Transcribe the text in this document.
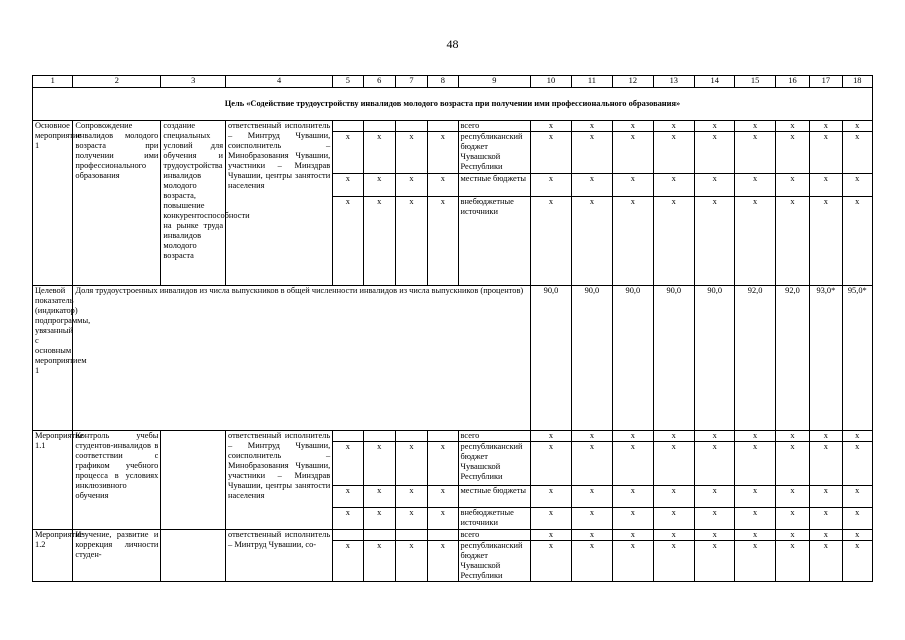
48
1	2	3	4	5	6	7	8	9	10	11	12	13	14	15	16	17	18
Цель «Содействие трудоустройству инвалидов молодого возраста при получении ими профессионального образования»																	
Основное мероприятие 1	Сопровождение инвалидов молодого возраста при получении ими профессионального образования	создание специальных условий для обучения и трудоустройства инвалидов молодого возраста, повышение конкурентоспособности на рынке труда инвалидов молодого возраста	ответственный исполнитель – Минтруд Чувашии, соисполнитель – Минобразования Чувашии, участники – Минздрав Чувашии, центры занятости населения					всего	x	x	x	x	x	x	x	x	x
				x	x	x	x	республиканский бюджет Чувашской Республики	x	x	x	x	x	x	x	x	x
				x	x	x	x	местные бюджеты	x	x	x	x	x	x	x	x	x
				x	x	x	x	внебюджетные источники	x	x	x	x	x	x	x	x	x
Целевой показатель (индикатор) подпрограммы, увязанный с основным мероприятием 1	Доля трудоустроенных инвалидов из числа выпускников в общей численности инвалидов из числа выпускников (процентов)								90,0	90,0	90,0	90,0	90,0	92,0	92,0	93,0*	95,0*
Мероприятие 1.1	Контроль учебы студентов-инвалидов в соответствии с графиком учебного процесса в условиях инклюзивного обучения		ответственный исполнитель – Минтруд Чувашии, соисполнитель – Минобразования Чувашии, участники – Минздрав Чувашии, центры занятости населения					всего	x	x	x	x	x	x	x	x	x
				x	x	x	x	республиканский бюджет Чувашской Республики	x	x	x	x	x	x	x	x	x
				x	x	x	x	местные бюджеты	x	x	x	x	x	x	x	x	x
				x	x	x	x	внебюджетные источники	x	x	x	x	x	x	x	x	x
Мероприятие 1.2	Изучение, развитие и коррекция личности студен-		ответственный исполнитель – Минтруд Чувашии, со-					всего	x	x	x	x	x	x	x	x	x
				x	x	x	x	республиканский бюджет Чувашской Республики	x	x	x	x	x	x	x	x	x
